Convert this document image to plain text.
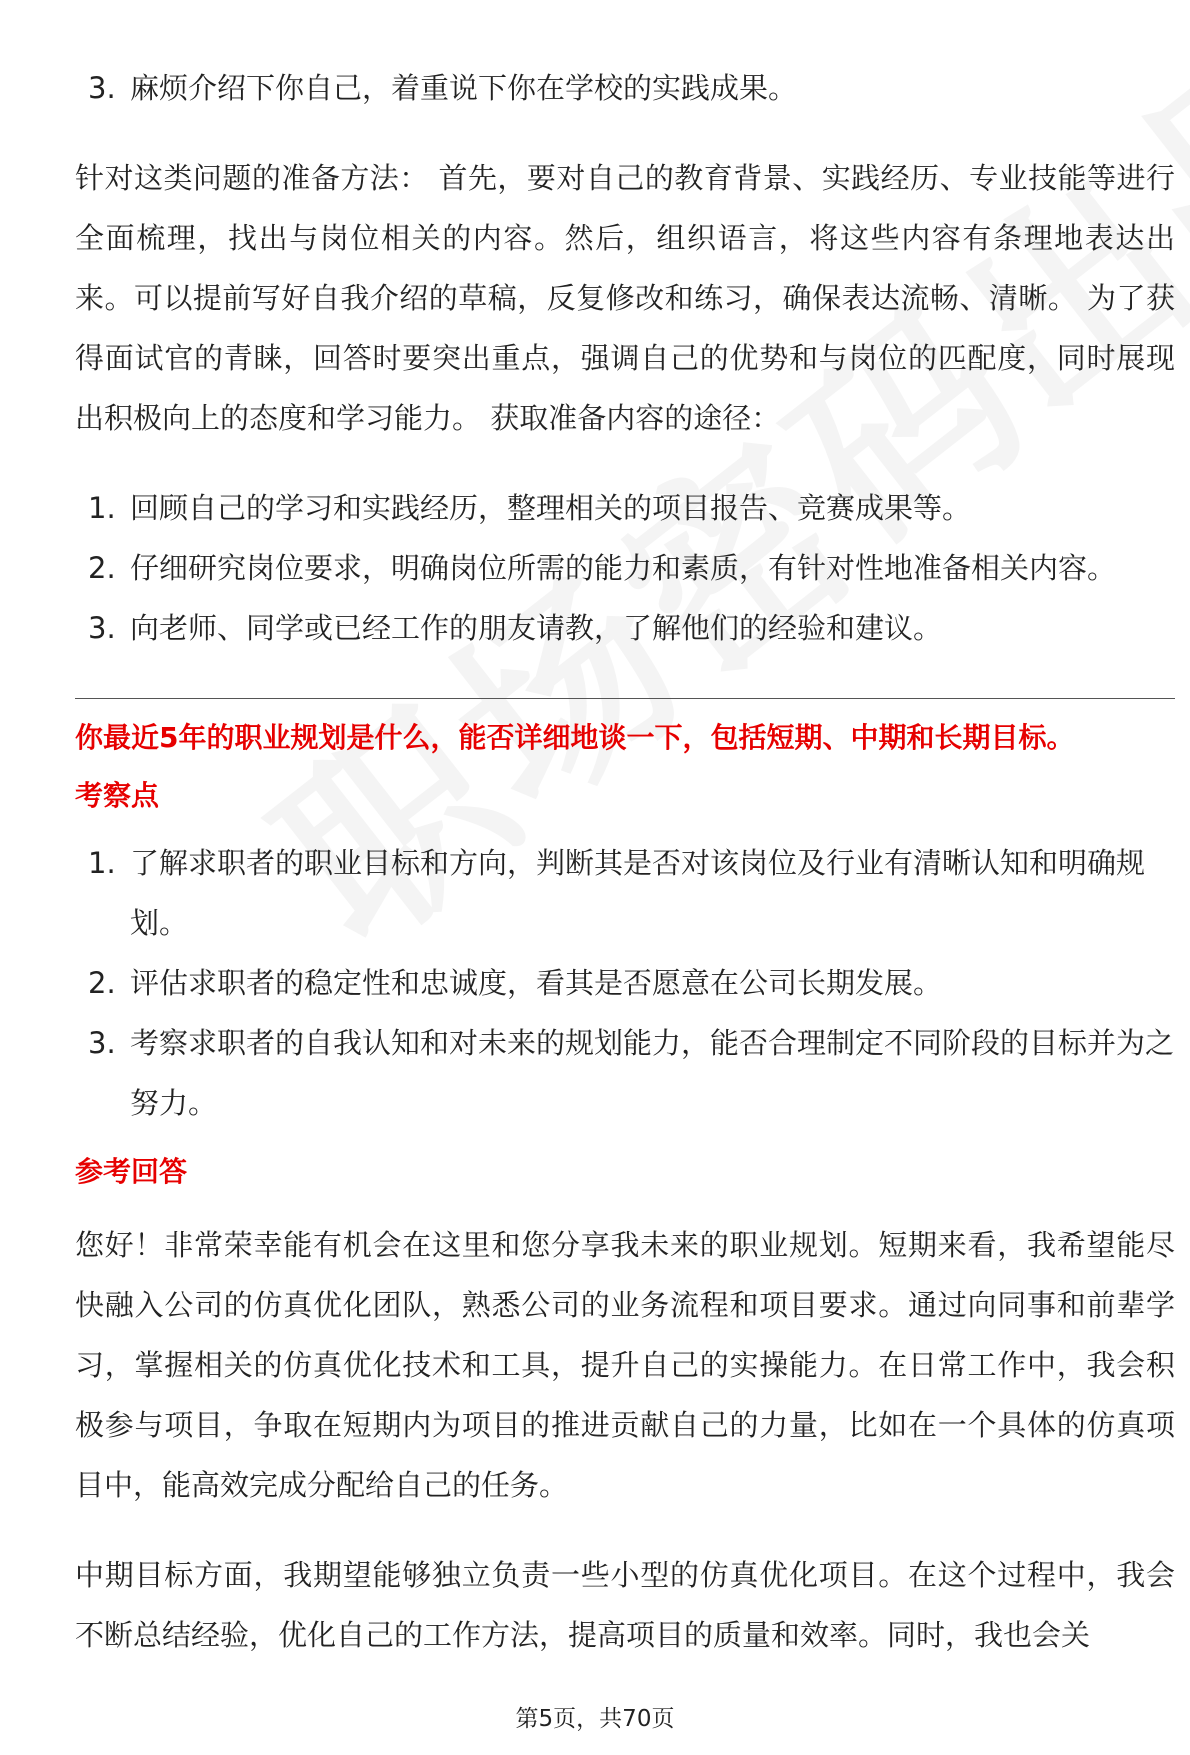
3. 麻烦介绍下你自己，着重说下你在学校的实践成果。

针对这类问题的准备方法： 首先，要对自己的教育背景、实践经历、专业技能等进行全面梳理，找出与岗位相关的内容。然后，组织语言，将这些内容有条理地表达出来。可以提前写好自我介绍的草稿，反复修改和练习，确保表达流畅、清晰。 为了获得面试官的青睐，回答时要突出重点，强调自己的优势和与岗位的匹配度，同时展现出积极向上的态度和学习能力。 获取准备内容的途径：

1. 回顾自己的学习和实践经历，整理相关的项目报告、竞赛成果等。
2. 仔细研究岗位要求，明确岗位所需的能力和素质，有针对性地准备相关内容。
3. 向老师、同学或已经工作的朋友请教，了解他们的经验和建议。

你最近5年的职业规划是什么，能否详细地谈一下，包括短期、中期和长期目标。

考察点

1. 了解求职者的职业目标和方向，判断其是否对该岗位及行业有清晰认知和明确规划。
2. 评估求职者的稳定性和忠诚度，看其是否愿意在公司长期发展。
3. 考察求职者的自我认知和对未来的规划能力，能否合理制定不同阶段的目标并为之努力。

参考回答

您好！非常荣幸能有机会在这里和您分享我未来的职业规划。短期来看，我希望能尽快融入公司的仿真优化团队，熟悉公司的业务流程和项目要求。通过向同事和前辈学习，掌握相关的仿真优化技术和工具，提升自己的实操能力。在日常工作中，我会积极参与项目，争取在短期内为项目的推进贡献自己的力量，比如在一个具体的仿真项目中，能高效完成分配给自己的任务。

中期目标方面，我期望能够独立负责一些小型的仿真优化项目。在这个过程中，我会不断总结经验，优化自己的工作方法，提高项目的质量和效率。同时，我也会关

第5页，共70页
